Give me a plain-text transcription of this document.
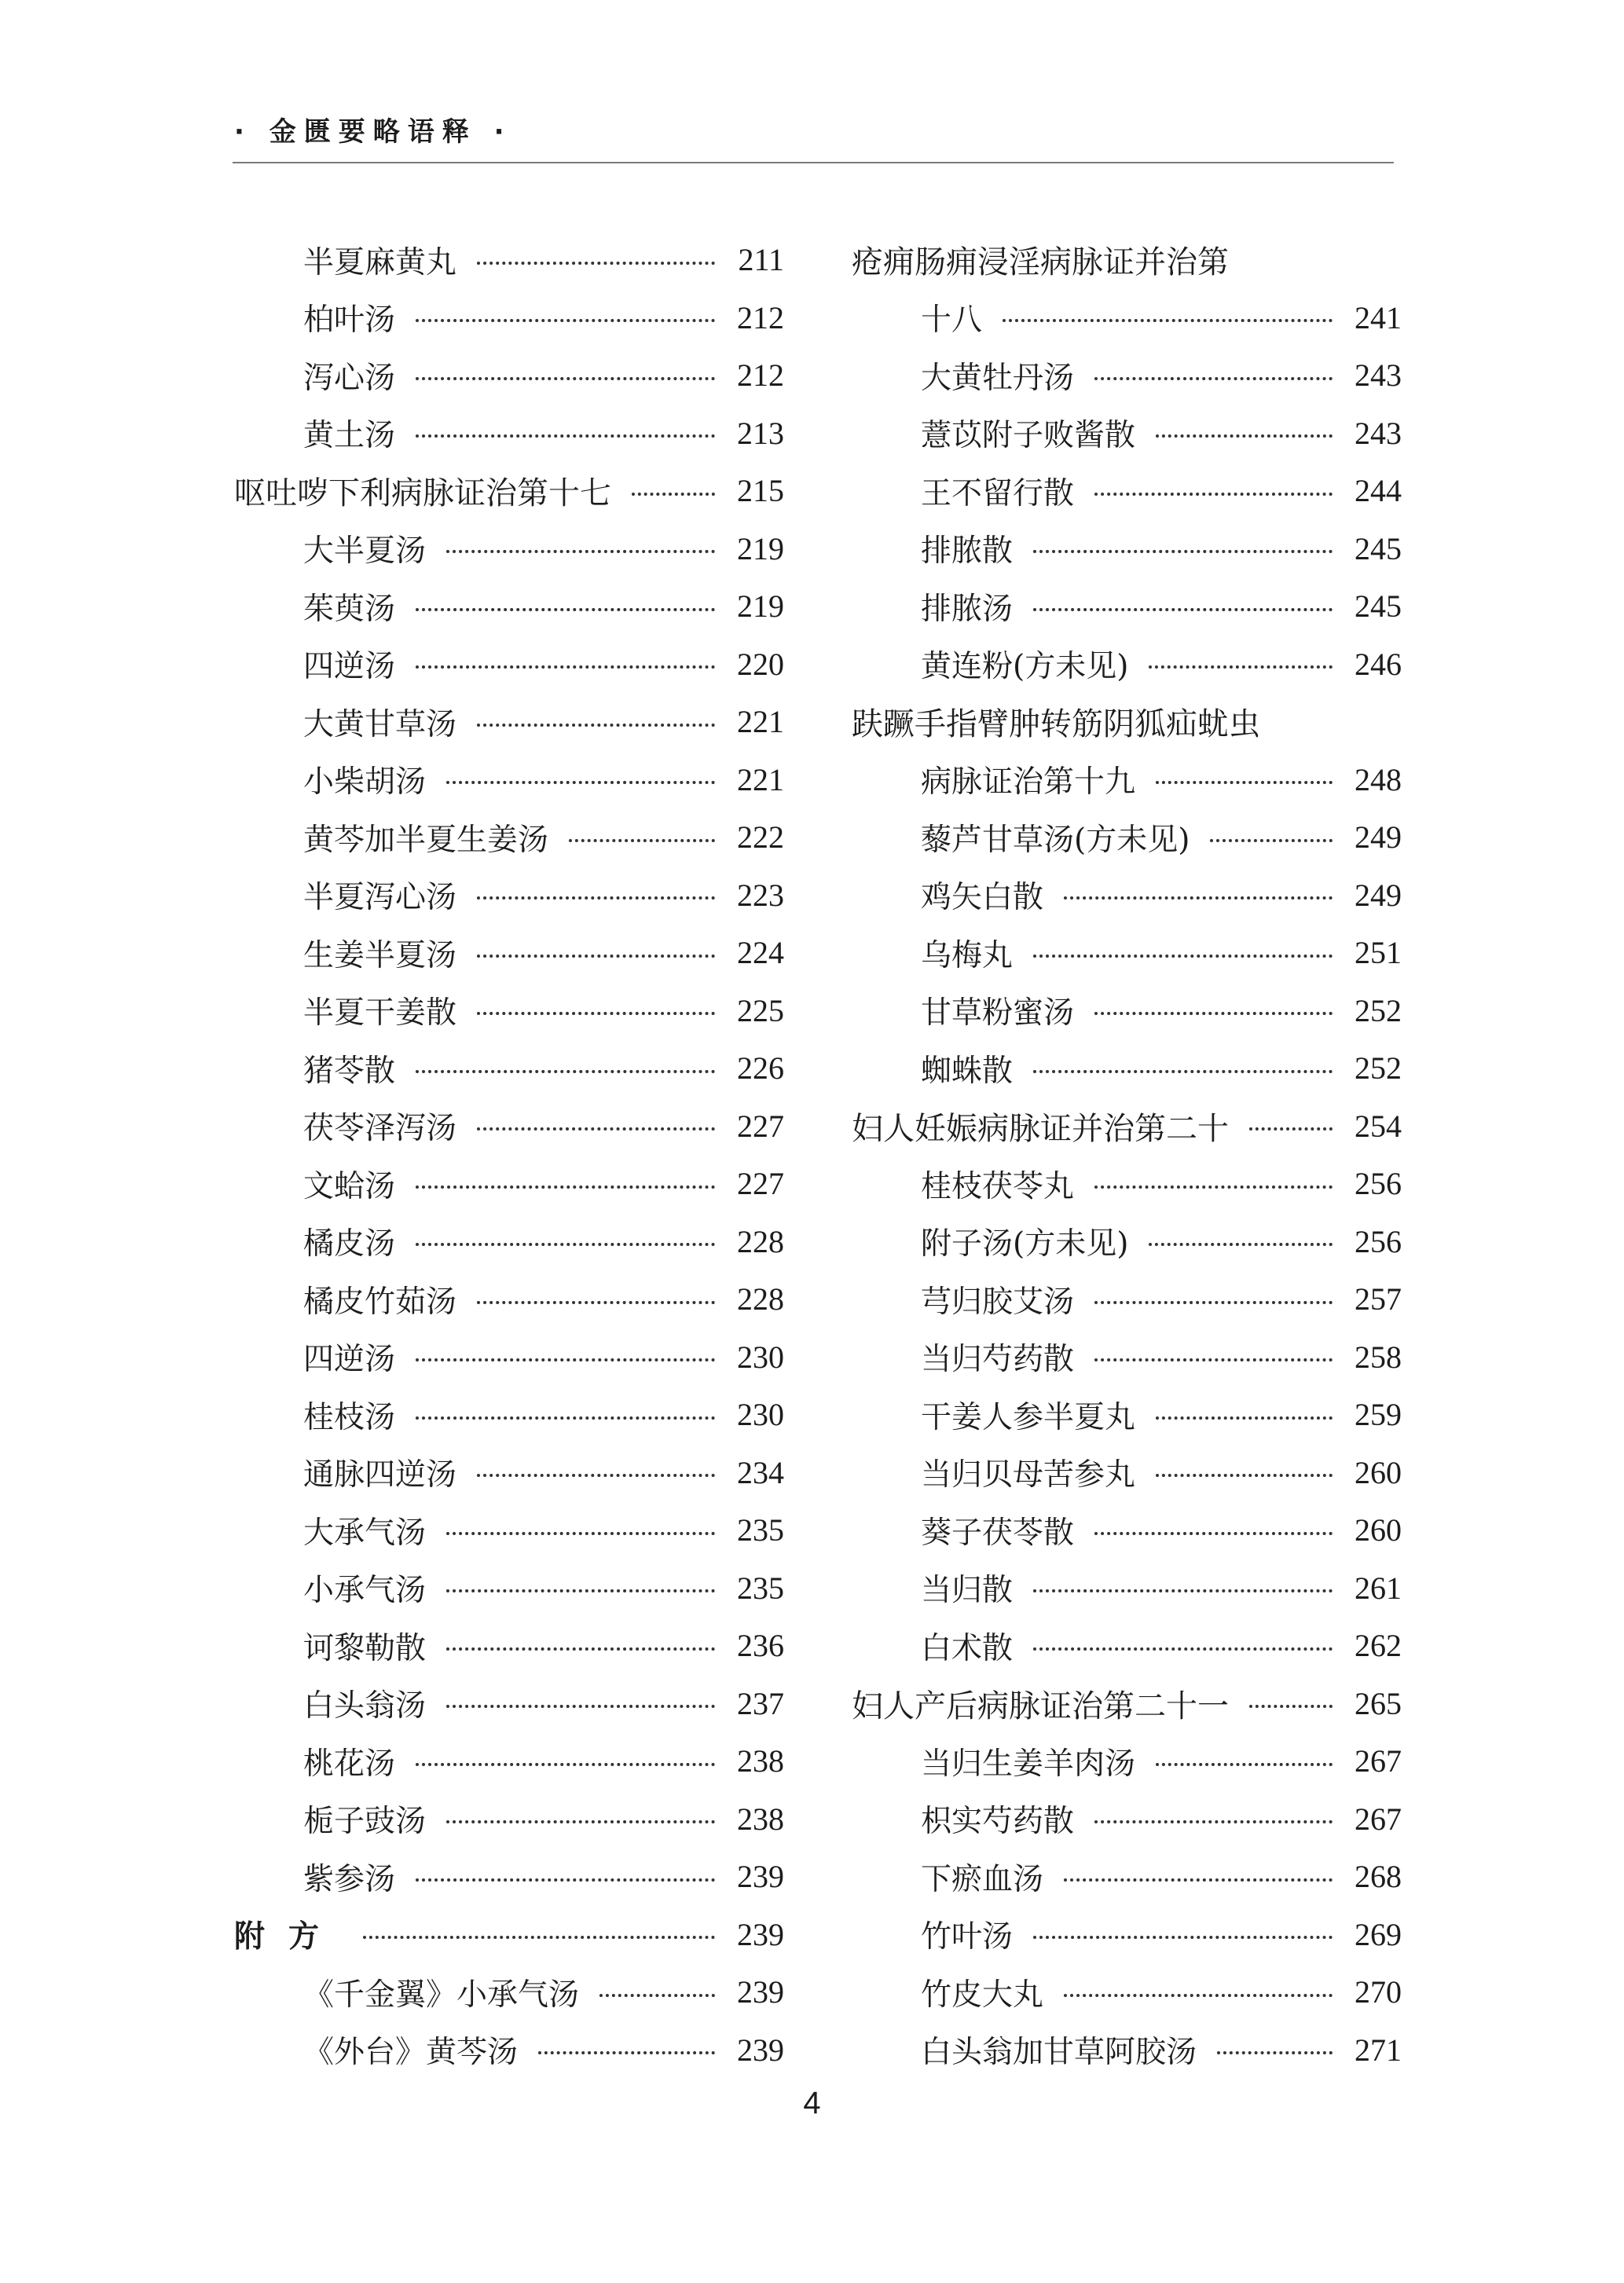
· 金匮要略语释 ·
半夏麻黄丸	211
柏叶汤	212
泻心汤	212
黄土汤	213
呕吐哕下利病脉证治第十七	215
大半夏汤	219
茱萸汤	219
四逆汤	220
大黄甘草汤	221
小柴胡汤	221
黄芩加半夏生姜汤	222
半夏泻心汤	223
生姜半夏汤	224
半夏干姜散	225
猪苓散	226
茯苓泽泻汤	227
文蛤汤	227
橘皮汤	228
橘皮竹茹汤	228
四逆汤	230
桂枝汤	230
通脉四逆汤	234
大承气汤	235
小承气汤	235
诃黎勒散	236
白头翁汤	237
桃花汤	238
栀子豉汤	238
紫参汤	239
附方	239
《千金翼》小承气汤	239
《外台》黄芩汤	239
疮痈肠痈浸淫病脉证并治第
十八	241
大黄牡丹汤	243
薏苡附子败酱散	243
王不留行散	244
排脓散	245
排脓汤	245
黄连粉(方未见)	246
趺蹶手指臂肿转筋阴狐疝蚘虫
病脉证治第十九	248
藜芦甘草汤(方未见)	249
鸡矢白散	249
乌梅丸	251
甘草粉蜜汤	252
蜘蛛散	252
妇人妊娠病脉证并治第二十	254
桂枝茯苓丸	256
附子汤(方未见)	256
芎归胶艾汤	257
当归芍药散	258
干姜人参半夏丸	259
当归贝母苦参丸	260
葵子茯苓散	260
当归散	261
白术散	262
妇人产后病脉证治第二十一	265
当归生姜羊肉汤	267
枳实芍药散	267
下瘀血汤	268
竹叶汤	269
竹皮大丸	270
白头翁加甘草阿胶汤	271
4
